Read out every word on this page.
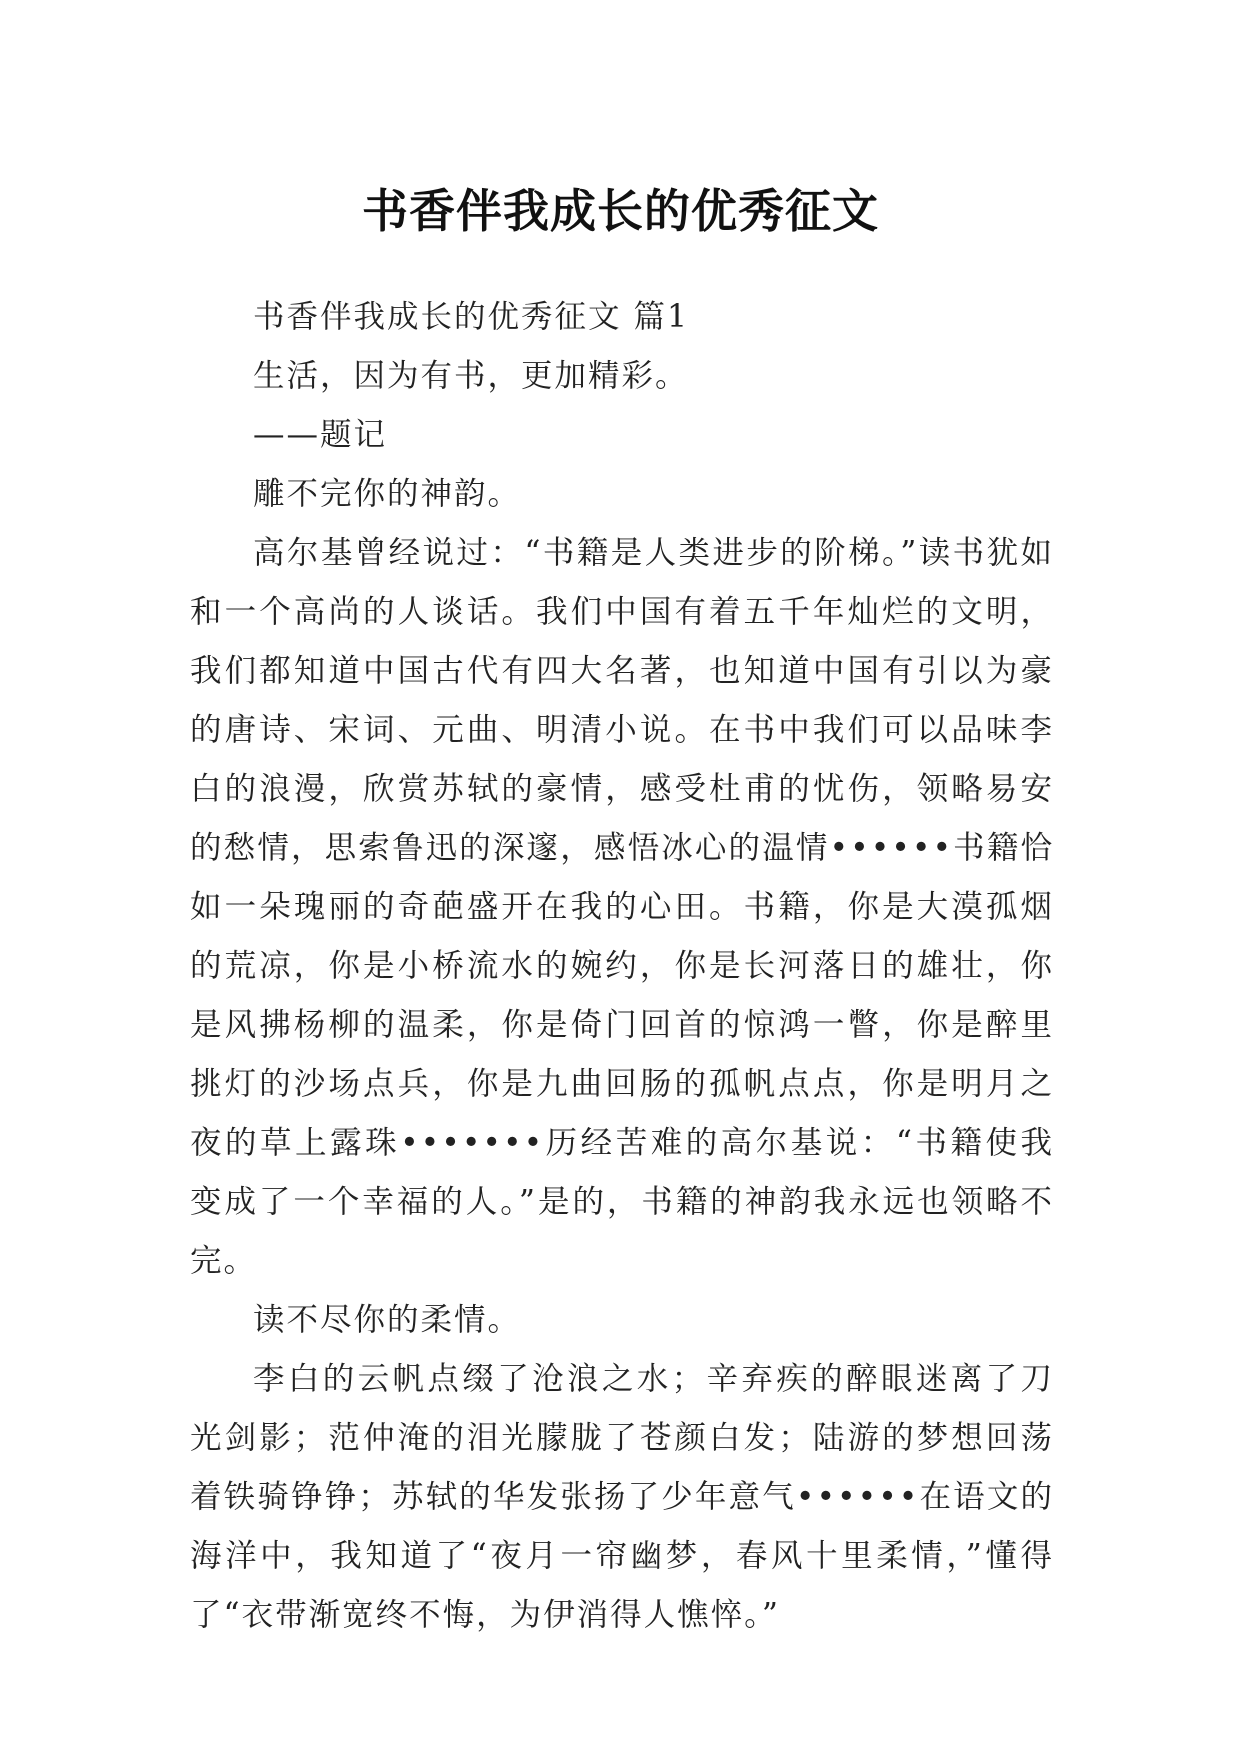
书香伴我成长的优秀征文

书香伴我成长的优秀征文 篇1

生活，因为有书，更加精彩。

——题记

雕不完你的神韵。

高尔基曾经说过：“书籍是人类进步的阶梯。”读书犹如和一个高尚的人谈话。我们中国有着五千年灿烂的文明，我们都知道中国古代有四大名著，也知道中国有引以为豪的唐诗、宋词、元曲、明清小说。在书中我们可以品味李白的浪漫，欣赏苏轼的豪情，感受杜甫的忧伤，领略易安的愁情，思索鲁迅的深邃，感悟冰心的温情••••••书籍恰如一朵瑰丽的奇葩盛开在我的心田。书籍，你是大漠孤烟的荒凉，你是小桥流水的婉约，你是长河落日的雄壮，你是风拂杨柳的温柔，你是倚门回首的惊鸿一瞥，你是醉里挑灯的沙场点兵，你是九曲回肠的孤帆点点，你是明月之夜的草上露珠•••••••历经苦难的高尔基说：“书籍使我变成了一个幸福的人。”是的，书籍的神韵我永远也领略不完。

读不尽你的柔情。

李白的云帆点缀了沧浪之水；辛弃疾的醉眼迷离了刀光剑影；范仲淹的泪光朦胧了苍颜白发；陆游的梦想回荡着铁骑铮铮；苏轼的华发张扬了少年意气••••••在语文的海洋中，我知道了“夜月一帘幽梦，春风十里柔情，”懂得了“衣带渐宽终不悔，为伊消得人憔悴。”
